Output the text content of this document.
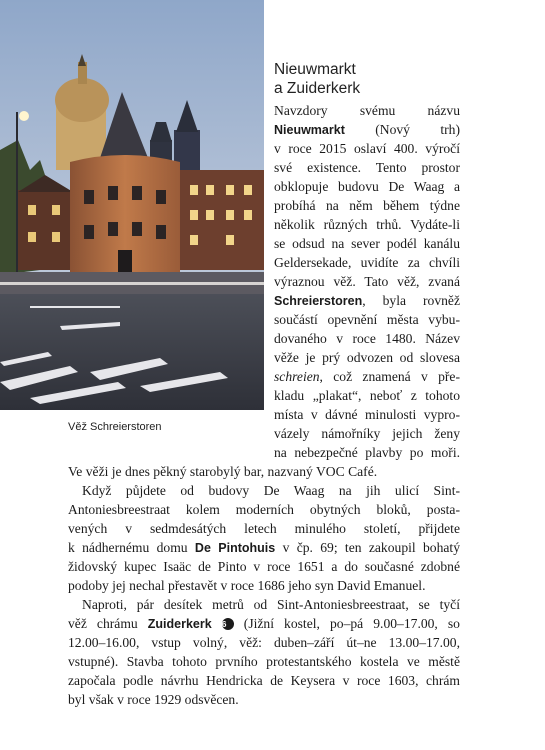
Věž Schreierstoren
Nieuwmarkt
a Zuiderkerk
Navzdory svému názvu
Nieuwmarkt (Nový trh)
v roce 2015 oslaví 400. výročí
své existence. Tento prostor
obklopuje budovu De Waag a
probíhá na něm během týdne
několik různých trhů. Vydáte-li
se odsud na sever podél kanálu
Geldersekade, uvidíte za chvíli
výraznou věž. Tato věž, zvaná
Schreierstoren, byla rovněž
součástí opevnění města vybu-
dovaného v roce 1480. Název
věže je prý odvozen od slovesa
schreien, což znamená v pře-
kladu „plakat“, neboť z tohoto
místa v dávné minulosti vypro-
vázely námořníky jejich ženy
na nebezpečné plavby po moři.
Ve věži je dnes pěkný starobylý bar, nazvaný VOC Café.
Když půjdete od budovy De Waag na jih ulicí Sint-
Antoniesbreestraat kolem moderních obytných bloků, posta-
vených v sedmdesátých letech minulého století, přijdete
k nádhernému domu De Pintohuis v čp. 69; ten zakoupil bohatý
židovský kupec Isaäc de Pinto v roce 1651 a do současné zdobné
podoby jej nechal přestavět v roce 1686 jeho syn David Emanuel.
Naproti, pár desítek metrů od Sint-Antoniesbreestraat, se tyčí
věž chrámu Zuiderkerk 6 (Jižní kostel, po–pá 9.00–17.00, so
12.00–16.00, vstup volný, věž: duben–září út–ne 13.00–17.00,
vstupné). Stavba tohoto prvního protestantského kostela ve městě
započala podle návrhu Hendricka de Keysera v roce 1603, chrám
byl však v roce 1929 odsvěcen.
